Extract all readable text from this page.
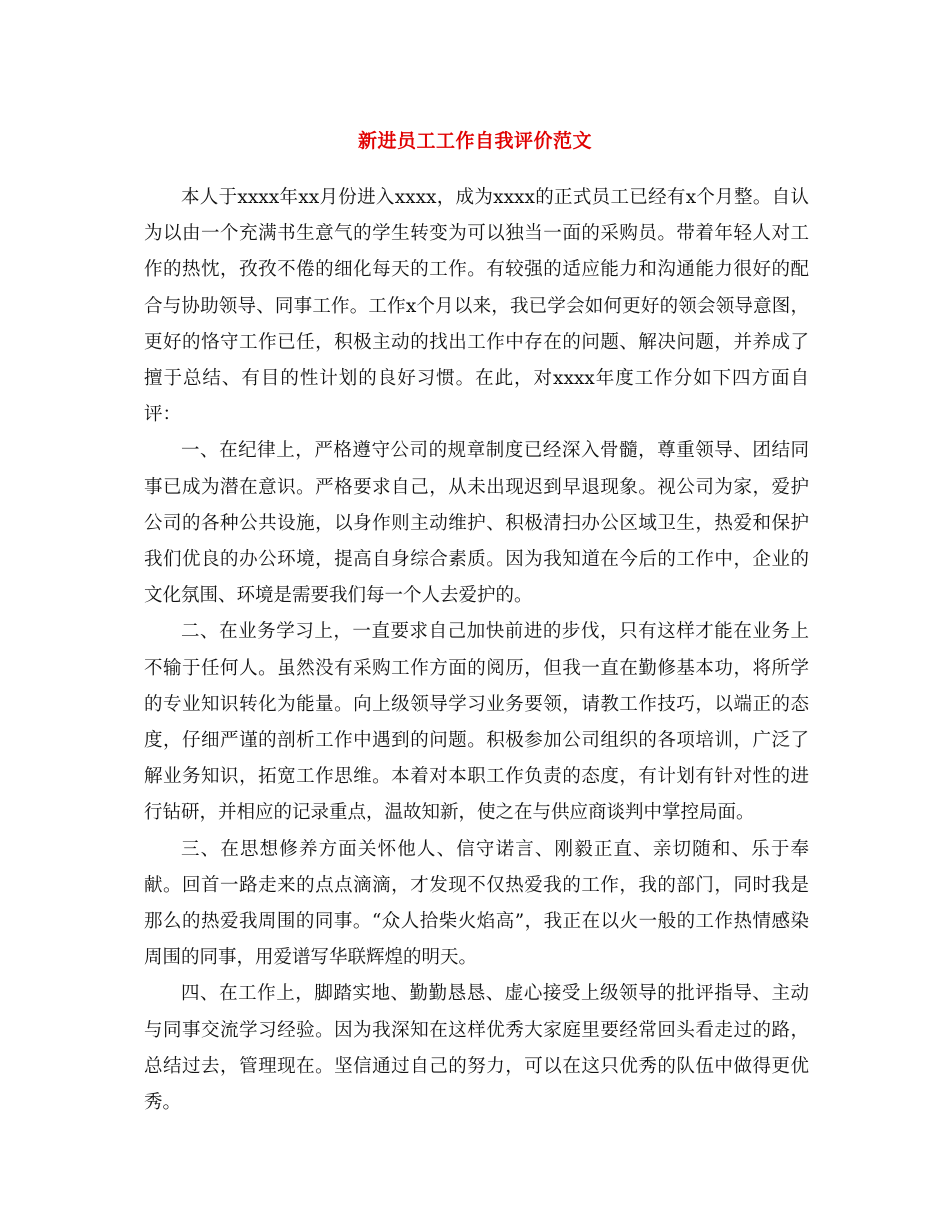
新进员工工作自我评价范文

本人于xxxx年xx月份进入xxxx，成为xxxx的正式员工已经有x个月整。自认为以由一个充满书生意气的学生转变为可以独当一面的采购员。带着年轻人对工作的热忱，孜孜不倦的细化每天的工作。有较强的适应能力和沟通能力很好的配合与协助领导、同事工作。工作x个月以来，我已学会如何更好的领会领导意图，更好的恪守工作已任，积极主动的找出工作中存在的问题、解决问题，并养成了擅于总结、有目的性计划的良好习惯。在此，对xxxx年度工作分如下四方面自评：

一、在纪律上，严格遵守公司的规章制度已经深入骨髓，尊重领导、团结同事已成为潜在意识。严格要求自己，从未出现迟到早退现象。视公司为家，爱护公司的各种公共设施，以身作则主动维护、积极清扫办公区域卫生，热爱和保护我们优良的办公环境，提高自身综合素质。因为我知道在今后的工作中，企业的文化氛围、环境是需要我们每一个人去爱护的。

二、在业务学习上，一直要求自己加快前进的步伐，只有这样才能在业务上不输于任何人。虽然没有采购工作方面的阅历，但我一直在勤修基本功，将所学的专业知识转化为能量。向上级领导学习业务要领，请教工作技巧，以端正的态度，仔细严谨的剖析工作中遇到的问题。积极参加公司组织的各项培训，广泛了解业务知识，拓宽工作思维。本着对本职工作负责的态度，有计划有针对性的进行钻研，并相应的记录重点，温故知新，使之在与供应商谈判中掌控局面。

三、在思想修养方面关怀他人、信守诺言、刚毅正直、亲切随和、乐于奉献。回首一路走来的点点滴滴，才发现不仅热爱我的工作，我的部门，同时我是那么的热爱我周围的同事。“众人拾柴火焰高”，我正在以火一般的工作热情感染周围的同事，用爱谱写华联辉煌的明天。

四、在工作上，脚踏实地、勤勤恳恳、虚心接受上级领导的批评指导、主动与同事交流学习经验。因为我深知在这样优秀大家庭里要经常回头看走过的路，总结过去，管理现在。坚信通过自己的努力，可以在这只优秀的队伍中做得更优秀。
